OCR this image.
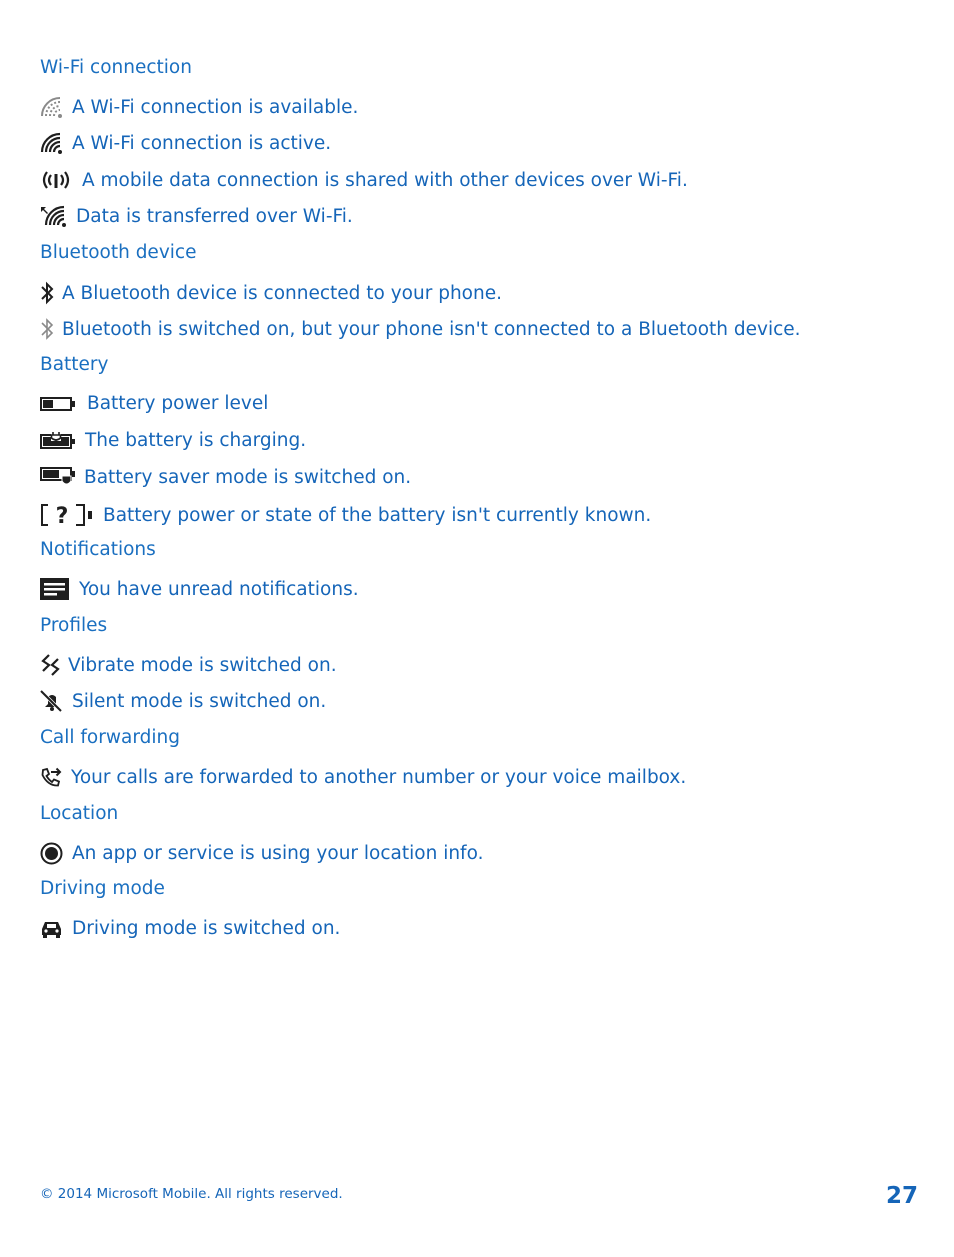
Wi-Fi connection
A Wi-Fi connection is available.
A Wi-Fi connection is active.
A mobile data connection is shared with other devices over Wi-Fi.
Data is transferred over Wi-Fi.
Bluetooth device
A Bluetooth device is connected to your phone.
Bluetooth is switched on, but your phone isn't connected to a Bluetooth device.
Battery
Battery power level
The battery is charging.
Battery saver mode is switched on.
? Battery power or state of the battery isn't currently known.
Notifications
You have unread notifications.
Profiles
Vibrate mode is switched on.
Silent mode is switched on.
Call forwarding
Your calls are forwarded to another number or your voice mailbox.
Location
An app or service is using your location info.
Driving mode
Driving mode is switched on.
© 2014 Microsoft Mobile. All rights reserved.	27
